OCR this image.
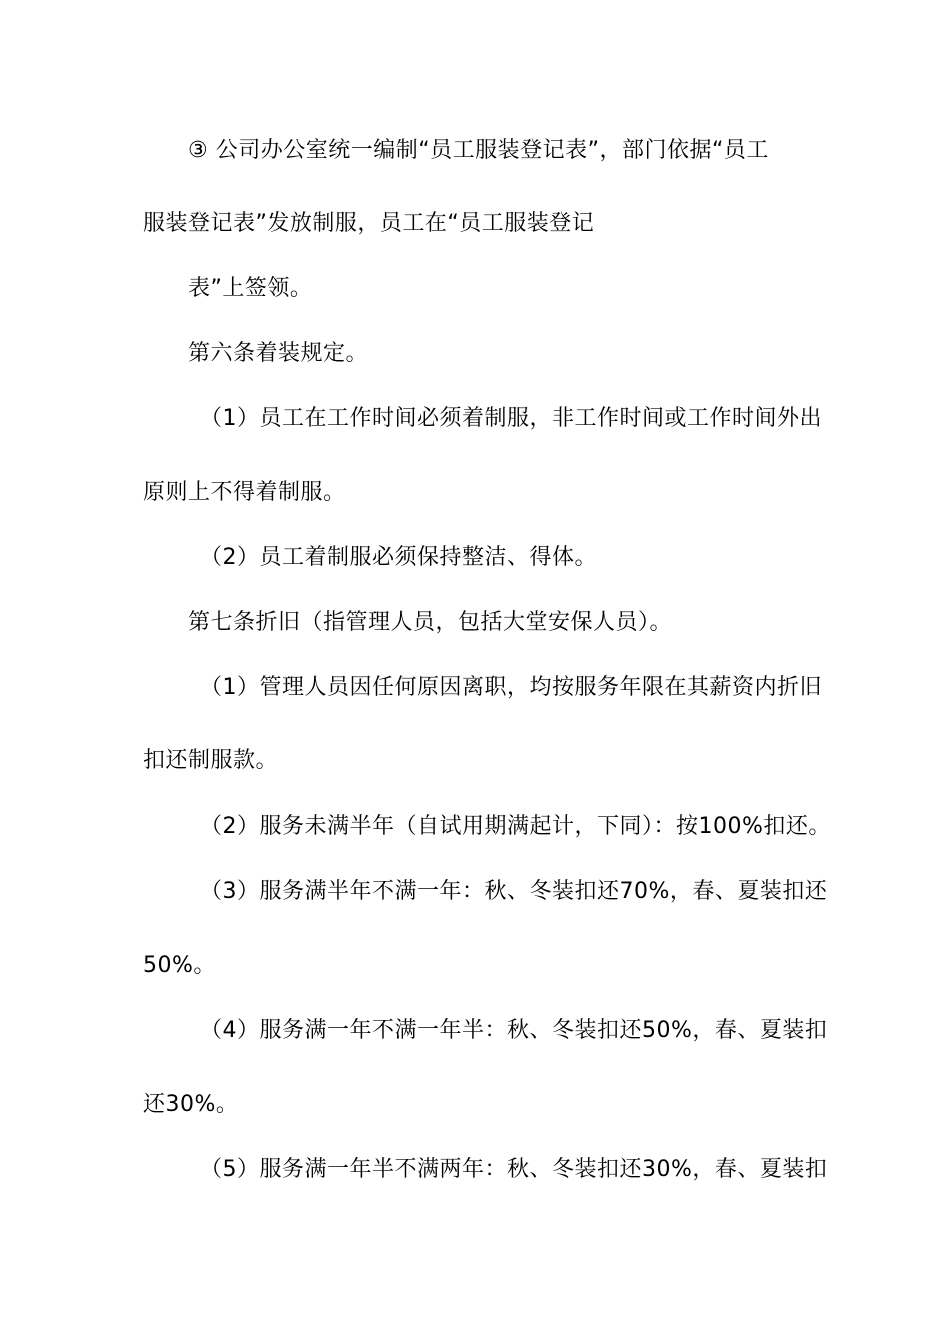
③ 公司办公室统一编制“员工服装登记表”，部门依据“员工
服装登记表”发放制服，员工在“员工服装登记
表”上签领。
第六条着装规定。
（1）员工在工作时间必须着制服，非工作时间或工作时间外出
原则上不得着制服。
（2）员工着制服必须保持整洁、得体。
第七条折旧（指管理人员，包括大堂安保人员）。
（1）管理人员因任何原因离职，均按服务年限在其薪资内折旧
扣还制服款。
（2）服务未满半年（自试用期满起计，下同）：按100%扣还。
（3）服务满半年不满一年：秋、冬装扣还70%，春、夏装扣还
50%。
（4）服务满一年不满一年半：秋、冬装扣还50%，春、夏装扣
还30%。
（5）服务满一年半不满两年：秋、冬装扣还30%，春、夏装扣
